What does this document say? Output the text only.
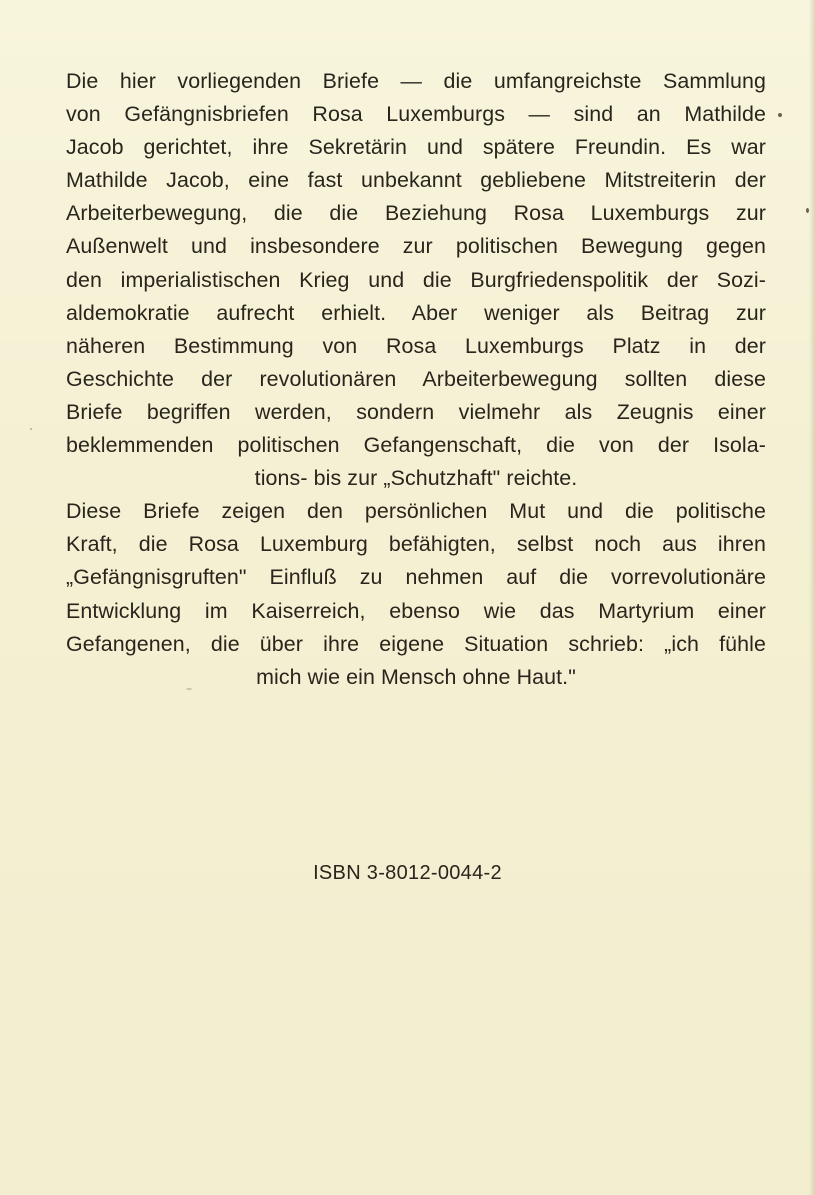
Die hier vorliegenden Briefe — die umfangreichste Sammlung
von Gefängnisbriefen Rosa Luxemburgs — sind an Mathilde
Jacob gerichtet, ihre Sekretärin und spätere Freundin. Es war
Mathilde Jacob, eine fast unbekannt gebliebene Mitstreiterin der
Arbeiterbewegung, die die Beziehung Rosa Luxemburgs zur
Außenwelt und insbesondere zur politischen Bewegung gegen
den imperialistischen Krieg und die Burgfriedenspolitik der Sozi-
aldemokratie aufrecht erhielt. Aber weniger als Beitrag zur
näheren Bestimmung von Rosa Luxemburgs Platz in der
Geschichte der revolutionären Arbeiterbewegung sollten diese
Briefe begriffen werden, sondern vielmehr als Zeugnis einer
beklemmenden politischen Gefangenschaft, die von der Isola-
tions- bis zur „Schutzhaft" reichte.
Diese Briefe zeigen den persönlichen Mut und die politische
Kraft, die Rosa Luxemburg befähigten, selbst noch aus ihren
„Gefängnisgruften" Einfluß zu nehmen auf die vorrevolutionäre
Entwicklung im Kaiserreich, ebenso wie das Martyrium einer
Gefangenen, die über ihre eigene Situation schrieb: „ich fühle
mich wie ein Mensch ohne Haut."
ISBN 3-8012-0044-2
